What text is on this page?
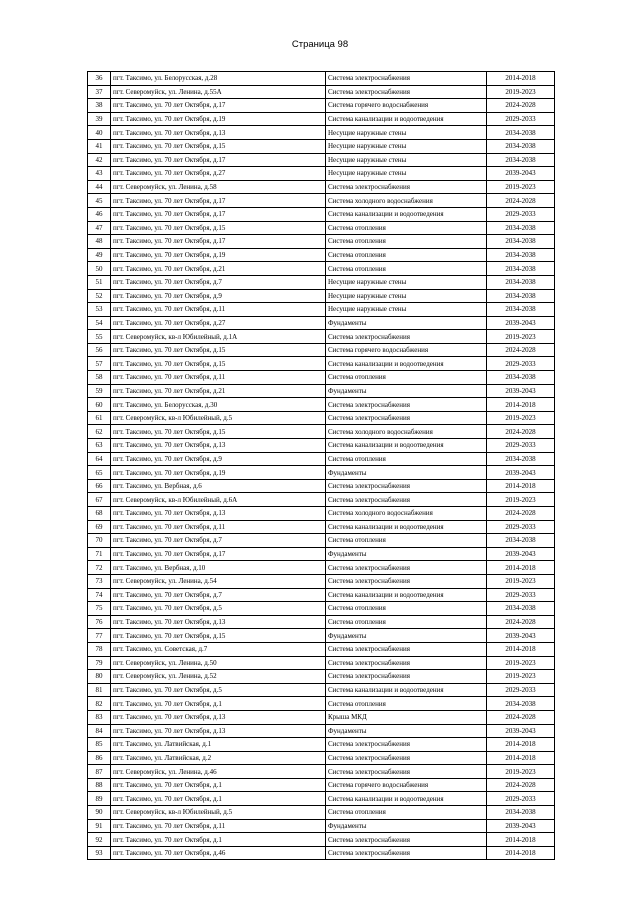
Страница 98
36	пгт. Таксимо, ул. Белорусская, д.28	Система электроснабжения	2014-2018
37	пгт. Северомуйск, ул. Ленина, д.55А	Система электроснабжения	2019-2023
38	пгт. Таксимо, ул. 70 лет Октября, д.17	Система горячего водоснабжения	2024-2028
39	пгт. Таксимо, ул. 70 лет Октября, д.19	Система канализации и водоотведения	2029-2033
40	пгт. Таксимо, ул. 70 лет Октября, д.13	Несущие наружные стены	2034-2038
41	пгт. Таксимо, ул. 70 лет Октября, д.15	Несущие наружные стены	2034-2038
42	пгт. Таксимо, ул. 70 лет Октября, д.17	Несущие наружные стены	2034-2038
43	пгт. Таксимо, ул. 70 лет Октября, д.27	Несущие наружные стены	2039-2043
44	пгт. Северомуйск, ул. Ленина, д.58	Система электроснабжения	2019-2023
45	пгт. Таксимо, ул. 70 лет Октября, д.17	Система холодного водоснабжения	2024-2028
46	пгт. Таксимо, ул. 70 лет Октября, д.17	Система канализации и водоотведения	2029-2033
47	пгт. Таксимо, ул. 70 лет Октября, д.15	Система отопления	2034-2038
48	пгт. Таксимо, ул. 70 лет Октября, д.17	Система отопления	2034-2038
49	пгт. Таксимо, ул. 70 лет Октября, д.19	Система отопления	2034-2038
50	пгт. Таксимо, ул. 70 лет Октября, д.21	Система отопления	2034-2038
51	пгт. Таксимо, ул. 70 лет Октября, д.7	Несущие наружные стены	2034-2038
52	пгт. Таксимо, ул. 70 лет Октября, д.9	Несущие наружные стены	2034-2038
53	пгт. Таксимо, ул. 70 лет Октября, д.11	Несущие наружные стены	2034-2038
54	пгт. Таксимо, ул. 70 лет Октября, д.27	Фундаменты	2039-2043
55	пгт. Северомуйск, кв-л Юбилейный, д.1А	Система электроснабжения	2019-2023
56	пгт. Таксимо, ул. 70 лет Октября, д.15	Система горячего водоснабжения	2024-2028
57	пгт. Таксимо, ул. 70 лет Октября, д.15	Система канализации и водоотведения	2029-2033
58	пгт. Таксимо, ул. 70 лет Октября, д.11	Система отопления	2034-2038
59	пгт. Таксимо, ул. 70 лет Октября, д.21	Фундаменты	2039-2043
60	пгт. Таксимо, ул. Белорусская, д.30	Система электроснабжения	2014-2018
61	пгт. Северомуйск, кв-л Юбилейный, д.5	Система электроснабжения	2019-2023
62	пгт. Таксимо, ул. 70 лет Октября, д.15	Система холодного водоснабжения	2024-2028
63	пгт. Таксимо, ул. 70 лет Октября, д.13	Система канализации и водоотведения	2029-2033
64	пгт. Таксимо, ул. 70 лет Октября, д.9	Система отопления	2034-2038
65	пгт. Таксимо, ул. 70 лет Октября, д.19	Фундаменты	2039-2043
66	пгт. Таксимо, ул. Вербная, д.6	Система электроснабжения	2014-2018
67	пгт. Северомуйск, кв-л Юбилейный, д.6А	Система электроснабжения	2019-2023
68	пгт. Таксимо, ул. 70 лет Октября, д.13	Система холодного водоснабжения	2024-2028
69	пгт. Таксимо, ул. 70 лет Октября, д.11	Система канализации и водоотведения	2029-2033
70	пгт. Таксимо, ул. 70 лет Октября, д.7	Система отопления	2034-2038
71	пгт. Таксимо, ул. 70 лет Октября, д.17	Фундаменты	2039-2043
72	пгт. Таксимо, ул. Вербная, д.10	Система электроснабжения	2014-2018
73	пгт. Северомуйск, ул. Ленина, д.54	Система электроснабжения	2019-2023
74	пгт. Таксимо, ул. 70 лет Октября, д.7	Система канализации и водоотведения	2029-2033
75	пгт. Таксимо, ул. 70 лет Октября, д.5	Система отопления	2034-2038
76	пгт. Таксимо, ул. 70 лет Октября, д.13	Система отопления	2024-2028
77	пгт. Таксимо, ул. 70 лет Октября, д.15	Фундаменты	2039-2043
78	пгт. Таксимо, ул. Советская, д.7	Система электроснабжения	2014-2018
79	пгт. Северомуйск, ул. Ленина, д.50	Система электроснабжения	2019-2023
80	пгт. Северомуйск, ул. Ленина, д.52	Система электроснабжения	2019-2023
81	пгт. Таксимо, ул. 70 лет Октября, д.5	Система канализации и водоотведения	2029-2033
82	пгт. Таксимо, ул. 70 лет Октября, д.1	Система отопления	2034-2038
83	пгт. Таксимо, ул. 70 лет Октября, д.13	Крыша МКД	2024-2028
84	пгт. Таксимо, ул. 70 лет Октября, д.13	Фундаменты	2039-2043
85	пгт. Таксимо, ул. Латвийская, д.1	Система электроснабжения	2014-2018
86	пгт. Таксимо, ул. Латвийская, д.2	Система электроснабжения	2014-2018
87	пгт. Северомуйск, ул. Ленина, д.46	Система электроснабжения	2019-2023
88	пгт. Таксимо, ул. 70 лет Октября, д.1	Система горячего водоснабжения	2024-2028
89	пгт. Таксимо, ул. 70 лет Октября, д.1	Система канализации и водоотведения	2029-2033
90	пгт. Северомуйск, кв-л Юбилейный, д.5	Система отопления	2034-2038
91	пгт. Таксимо, ул. 70 лет Октября, д.11	Фундаменты	2039-2043
92	пгт. Таксимо, ул. 70 лет Октября, д.1	Система электроснабжения	2014-2018
93	пгт. Таксимо, ул. 70 лет Октября, д.46	Система электроснабжения	2014-2018
